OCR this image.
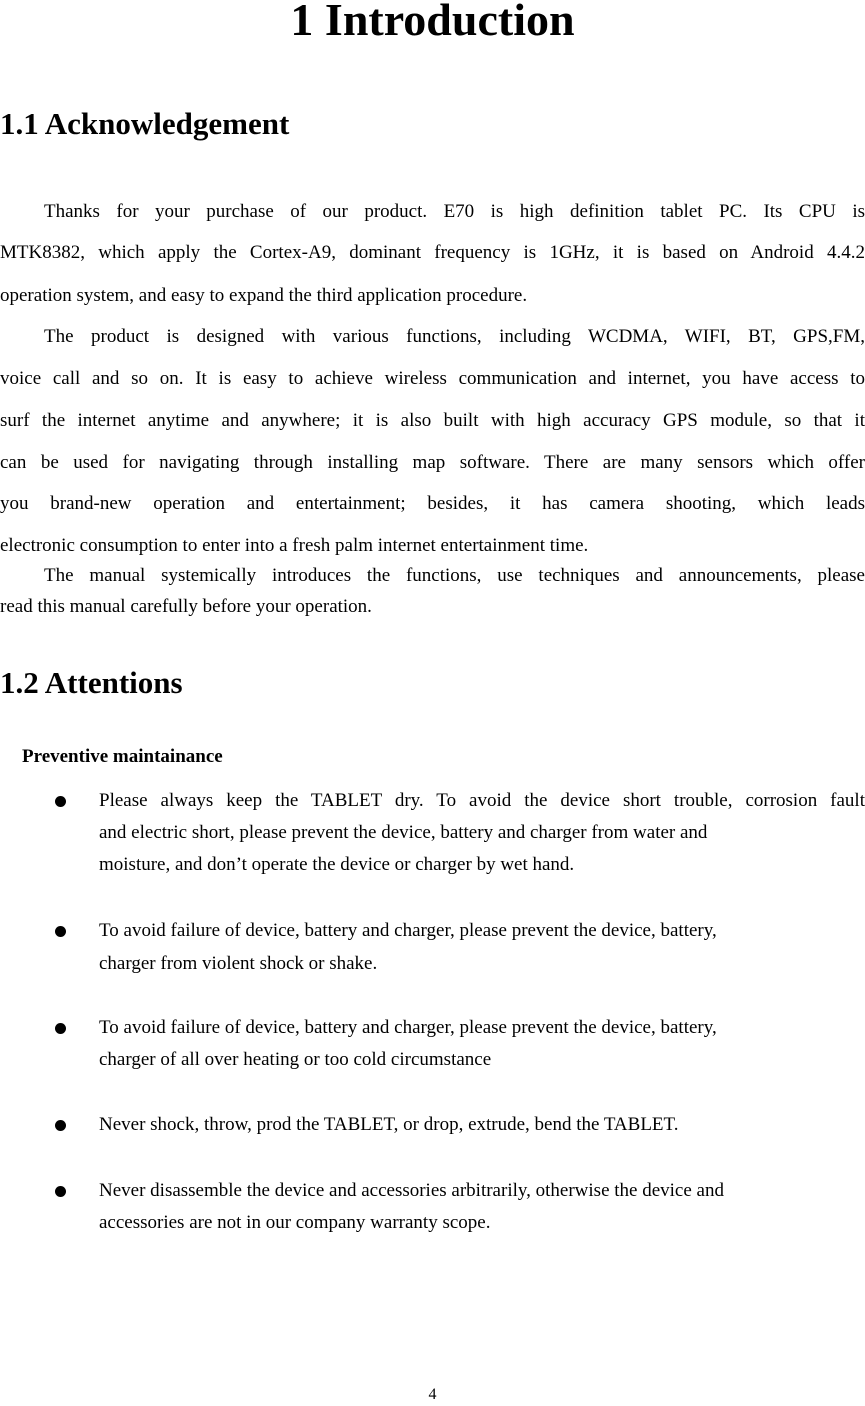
1 Introduction
1.1 Acknowledgement

Thanks for your purchase of our product. E70 is high definition tablet PC. Its CPU is

MTK8382, which apply the Cortex-A9, dominant frequency is 1GHz, it is based on Android 4.4.2

operation system, and easy to expand the third application procedure.

The product is designed with various functions, including WCDMA, WIFI, BT, GPS,FM,

voice call and so on. It is easy to achieve wireless communication and internet, you have access to

surf the internet anytime and anywhere; it is also built with high accuracy GPS module, so that it

can be used for navigating through installing map software. There are many sensors which offer

you brand-new operation and entertainment; besides, it has camera shooting, which leads

electronic consumption to enter into a fresh palm internet entertainment time.

The manual systemically introduces the functions, use techniques and announcements, please

read this manual carefully before your operation.

1.2 Attentions

Preventive maintainance

Please always keep the TABLET dry. To avoid the device short trouble, corrosion fault

and electric short, please prevent the device, battery and charger from water and

moisture, and don’t operate the device or charger by wet hand.

To avoid failure of device, battery and charger, please prevent the device, battery,

charger from violent shock or shake.

To avoid failure of device, battery and charger, please prevent the device, battery,

charger of all over heating or too cold circumstance

Never shock, throw, prod the TABLET, or drop, extrude, bend the TABLET.

Never disassemble the device and accessories arbitrarily, otherwise the device and

accessories are not in our company warranty scope.

4
